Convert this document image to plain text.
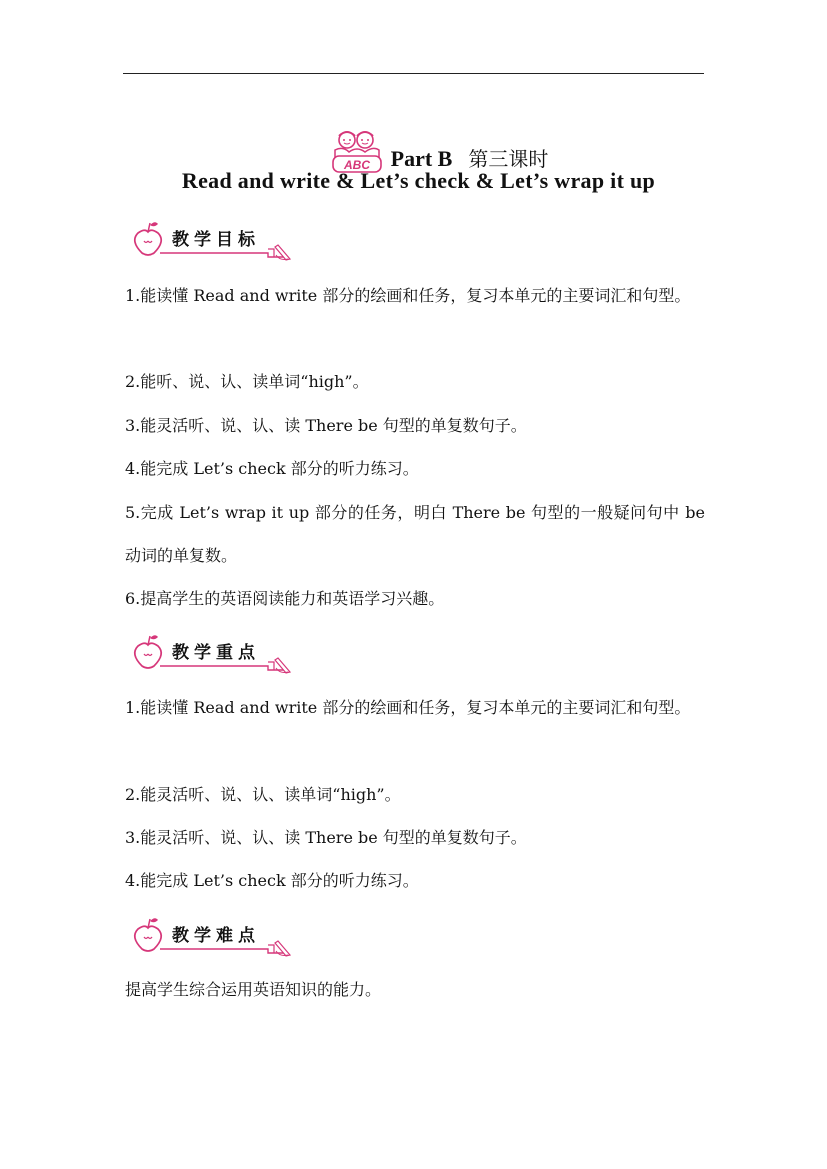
ABC Part B 第三课时
Read and write & Let’s check & Let’s wrap it up
教学目标
1.能读懂 Read and write 部分的绘画和任务，复习本单元的主要词汇和句型。
2.能听、说、认、读单词“high”。
3.能灵活听、说、认、读 There be 句型的单复数句子。
4.能完成 Let’s check 部分的听力练习。
5.完成 Let’s wrap it up 部分的任务，明白 There be 句型的一般疑问句中 be 动词的单复数。
6.提高学生的英语阅读能力和英语学习兴趣。
教学重点
1.能读懂 Read and write 部分的绘画和任务，复习本单元的主要词汇和句型。
2.能灵活听、说、认、读单词“high”。
3.能灵活听、说、认、读 There be 句型的单复数句子。
4.能完成 Let’s check 部分的听力练习。
教学难点
提高学生综合运用英语知识的能力。
